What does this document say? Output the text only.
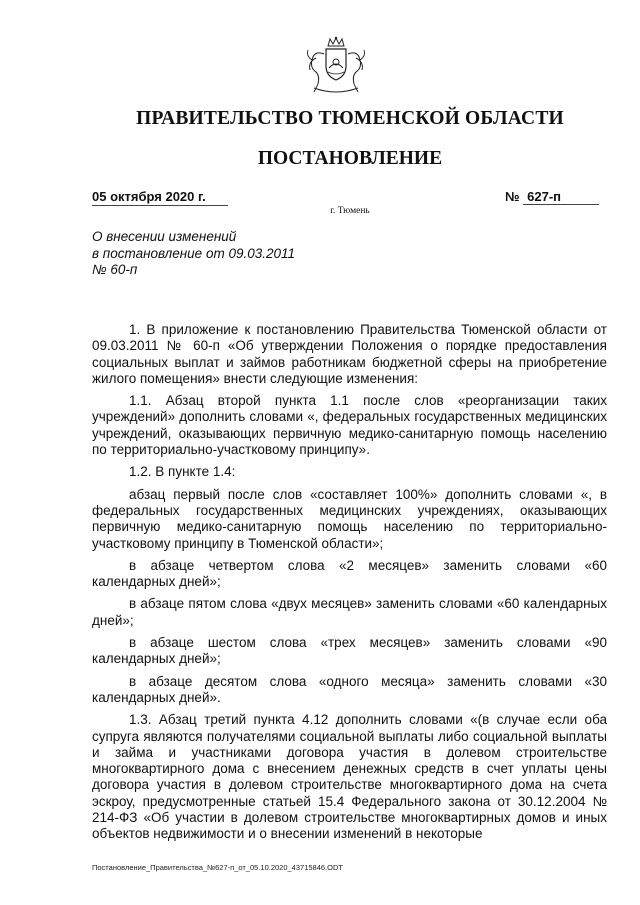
ПРАВИТЕЛЬСТВО ТЮМЕНСКОЙ ОБЛАСТИ
ПОСТАНОВЛЕНИЕ
05 октября 2020 г.	№ 627-п
г. Тюмень
О внесении изменений
в постановление от 09.03.2011
№ 60-п

1. В приложение к постановлению Правительства Тюменской области от 09.03.2011 № 60-п «Об утверждении Положения о порядке предоставления социальных выплат и займов работникам бюджетной сферы на приобретение жилого помещения» внести следующие изменения:

1.1. Абзац второй пункта 1.1 после слов «реорганизации таких учреждений» дополнить словами «, федеральных государственных медицинских учреждений, оказывающих первичную медико-санитарную помощь населению по территориально-участковому принципу».

1.2. В пункте 1.4:

абзац первый после слов «составляет 100%» дополнить словами «, в федеральных государственных медицинских учреждениях, оказывающих первичную медико-санитарную помощь населению по территориально-участковому принципу в Тюменской области»;

в абзаце четвертом слова «2 месяцев» заменить словами «60 календарных дней»;

в абзаце пятом слова «двух месяцев» заменить словами «60 календарных дней»;

в абзаце шестом слова «трех месяцев» заменить словами «90 календарных дней»;

в абзаце десятом слова «одного месяца» заменить словами «30 календарных дней».

1.3. Абзац третий пункта 4.12 дополнить словами «(в случае если оба супруга являются получателями социальной выплаты либо социальной выплаты и займа и участниками договора участия в долевом строительстве многоквартирного дома с внесением денежных средств в счет уплаты цены договора участия в долевом строительстве многоквартирного дома на счета эскроу, предусмотренные статьей 15.4 Федерального закона от 30.12.2004 № 214-ФЗ «Об участии в долевом строительстве многоквартирных домов и иных объектов недвижимости и о внесении изменений в некоторые

Постановление_Правительства_№627-п_от_05.10.2020_43715846.ODT
